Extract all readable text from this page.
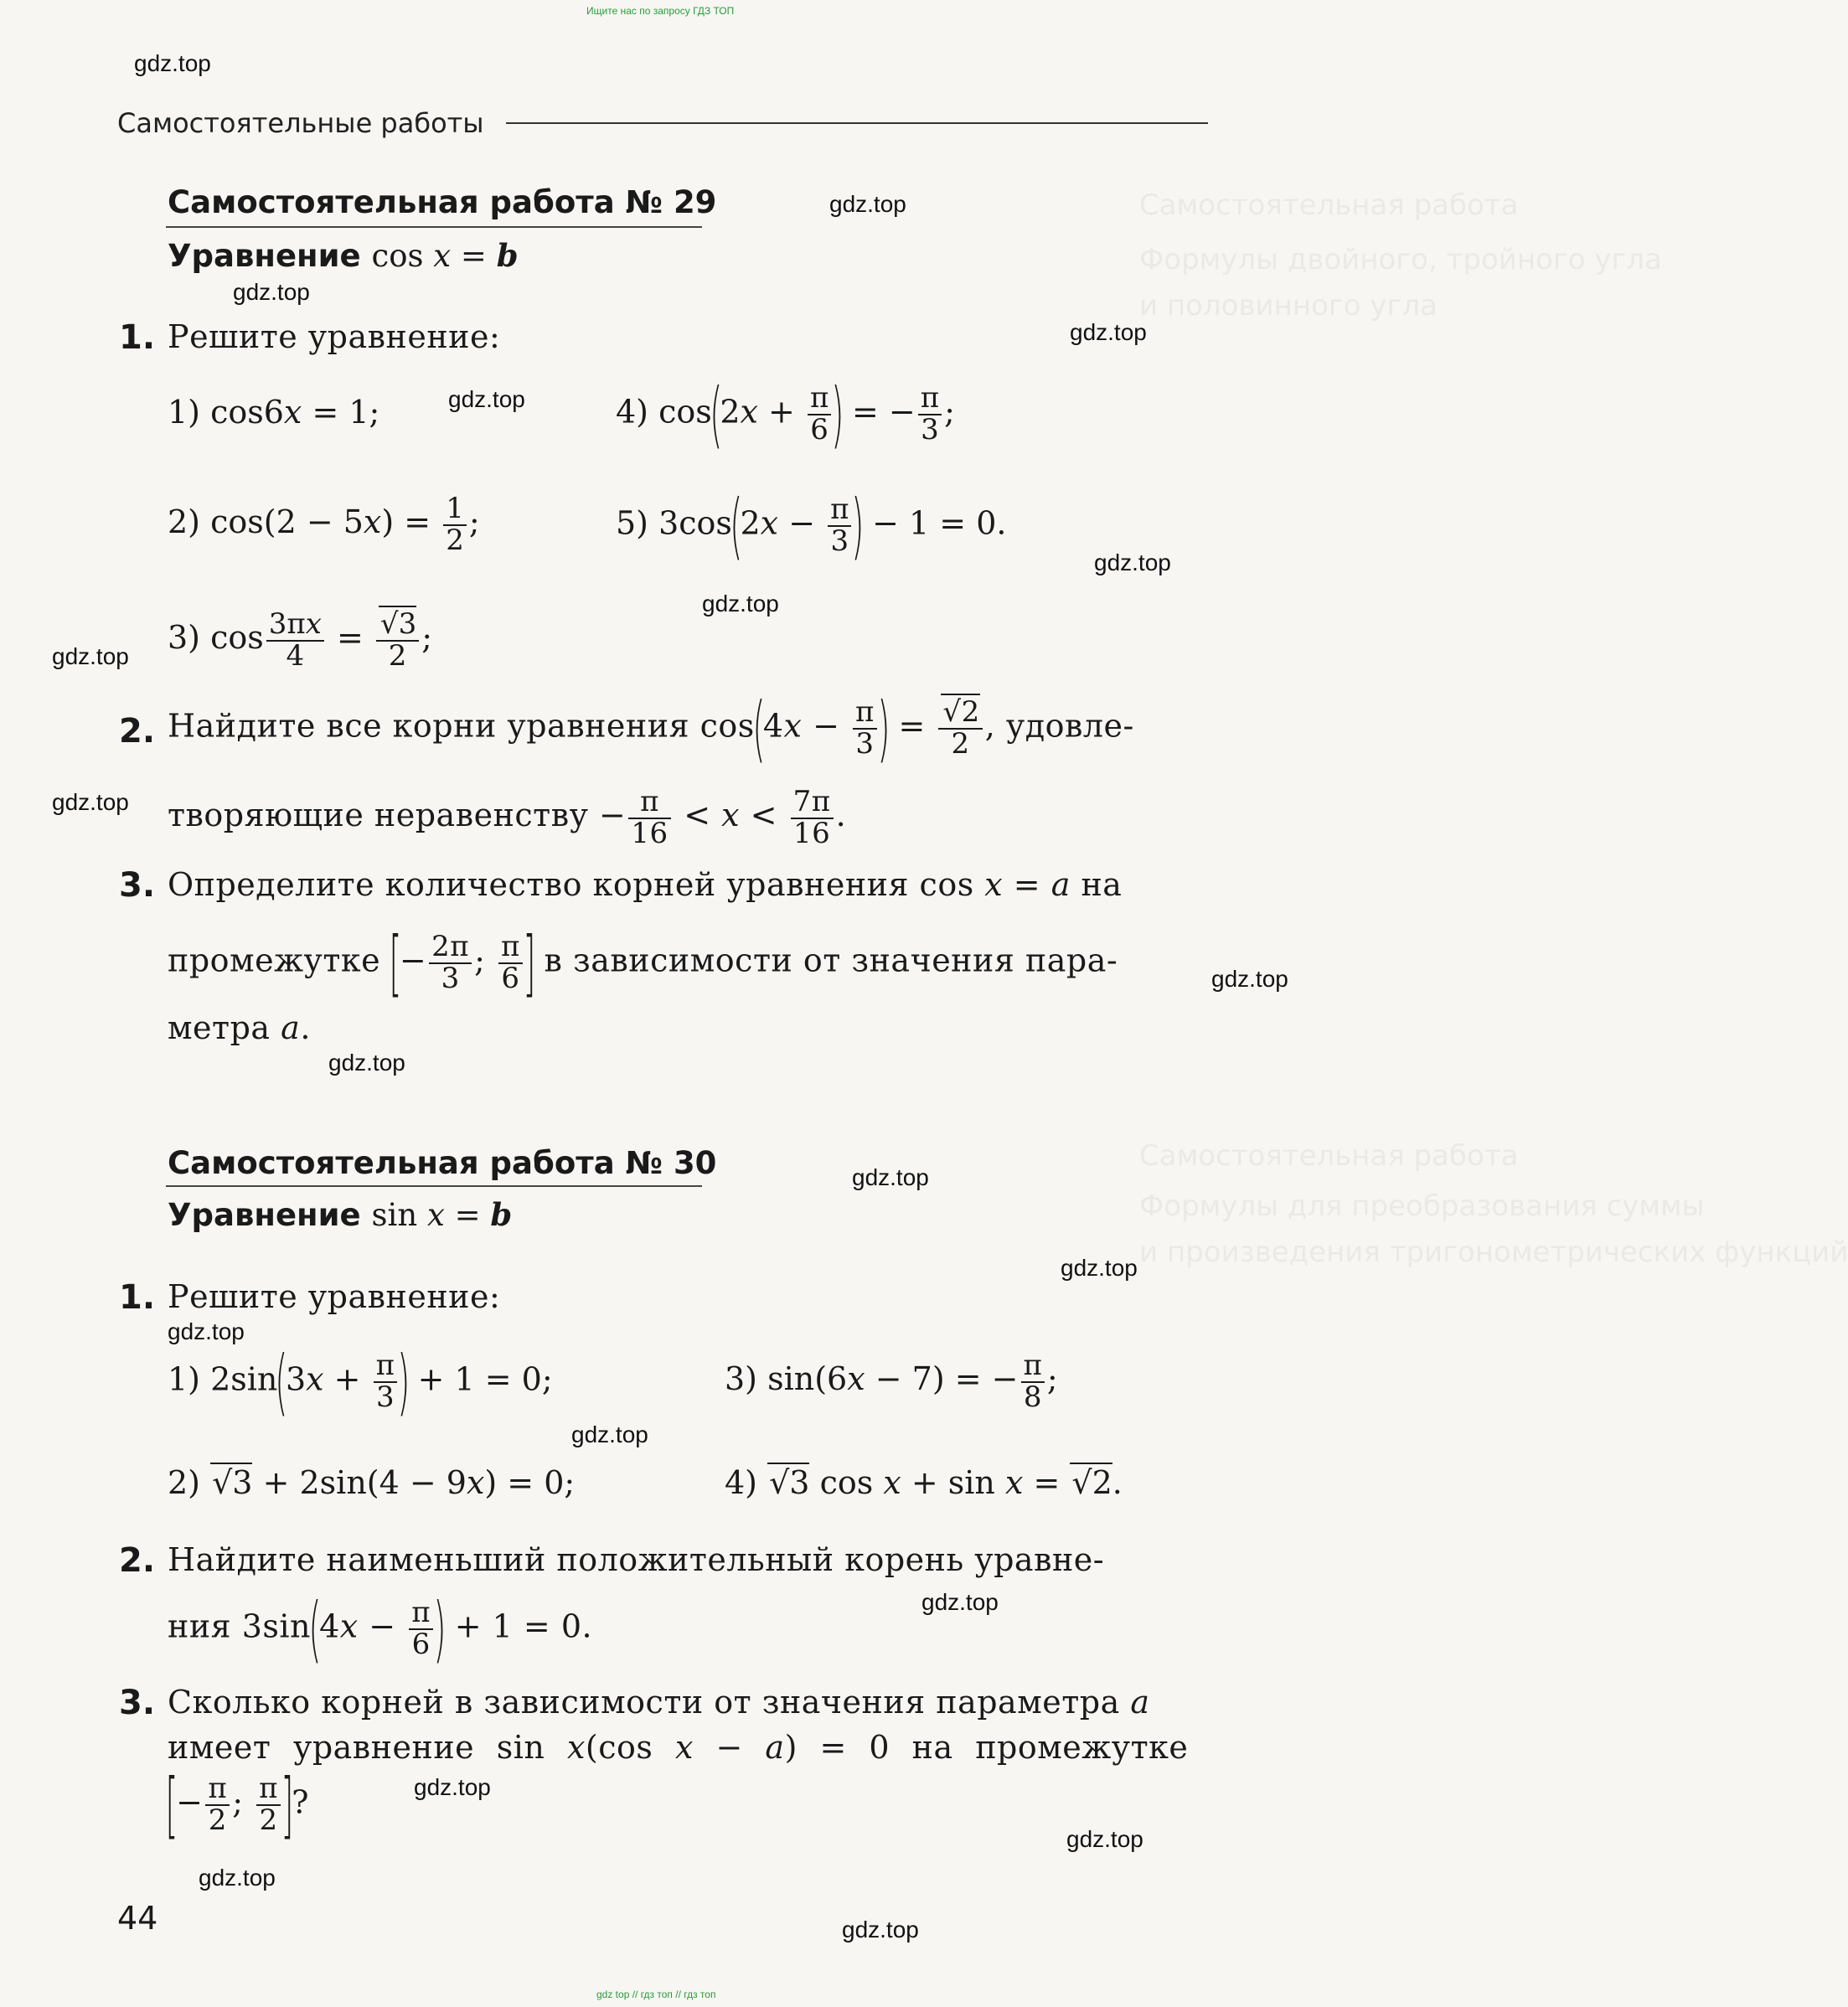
Ищите нас по запросу ГДЗ ТОП
gdz top // гдз топ // гдз топ
Самостоятельная работа
Формулы двойного, тройного угла
и половинного угла
Самостоятельная работа
Формулы для преобразования суммы
и произведения тригонометрических функций
gdz.top
gdz.top
gdz.top
gdz.top
gdz.top
gdz.top
gdz.top
gdz.top
gdz.top
gdz.top
gdz.top
gdz.top
gdz.top
gdz.top
gdz.top
gdz.top
gdz.top
gdz.top
gdz.top
gdz.top
Самостоятельные работы
Самостоятельная работа № 29
Уравнение cos x = b
1. Решите уравнение:
1) cos6x = 1;	4) $\cos(2x + \frac{\pi}{6}$ ) = − $\frac{\pi}{3}$ ;
2) $\cos(2 - 5x) = \frac{1}{2}$ ;	5) $3\cos(2x - \frac{\pi}{3}$ ) − 1 = 0.
3) $\cos \frac{3\pi x}{4} = \frac{√3}{2}$ ;
2. Найдите все корни уравнения $\cos(4x - \frac{\pi}{3}$ ) = $\frac{√2}{2}$ , удовле-
творяющие неравенству − $\frac{\pi}{16} < x < \frac{7\pi}{16}$ .
3. Определите количество корней уравнения cos x = a на
промежутке [− $\frac{2\pi}{3}$ ; $\frac{\pi}{6}$ ] в зависимости от значения пара-
метра a.
Самостоятельная работа № 30
Уравнение sin x = b
1. Решите уравнение:
1) $2\sin(3x + \frac{\pi}{3}$ ) + 1 = 0;	3) sin(6x − 7) = − $\frac{\pi}{8}$ ;
2) √3 + 2sin(4 − 9x) = 0;	4) √3 cos x + sin x = √2.
2. Найдите наименьший положительный корень уравне-
ния $3\sin(4x - \frac{\pi}{6}$ ) + 1 = 0.
3. Сколько корней в зависимости от значения параметра a
имеет уравнение sin x(cos x − a) = 0 на промежутке
[− $\frac{\pi}{2}$ ; $\frac{\pi}{2}$ ]?
44
